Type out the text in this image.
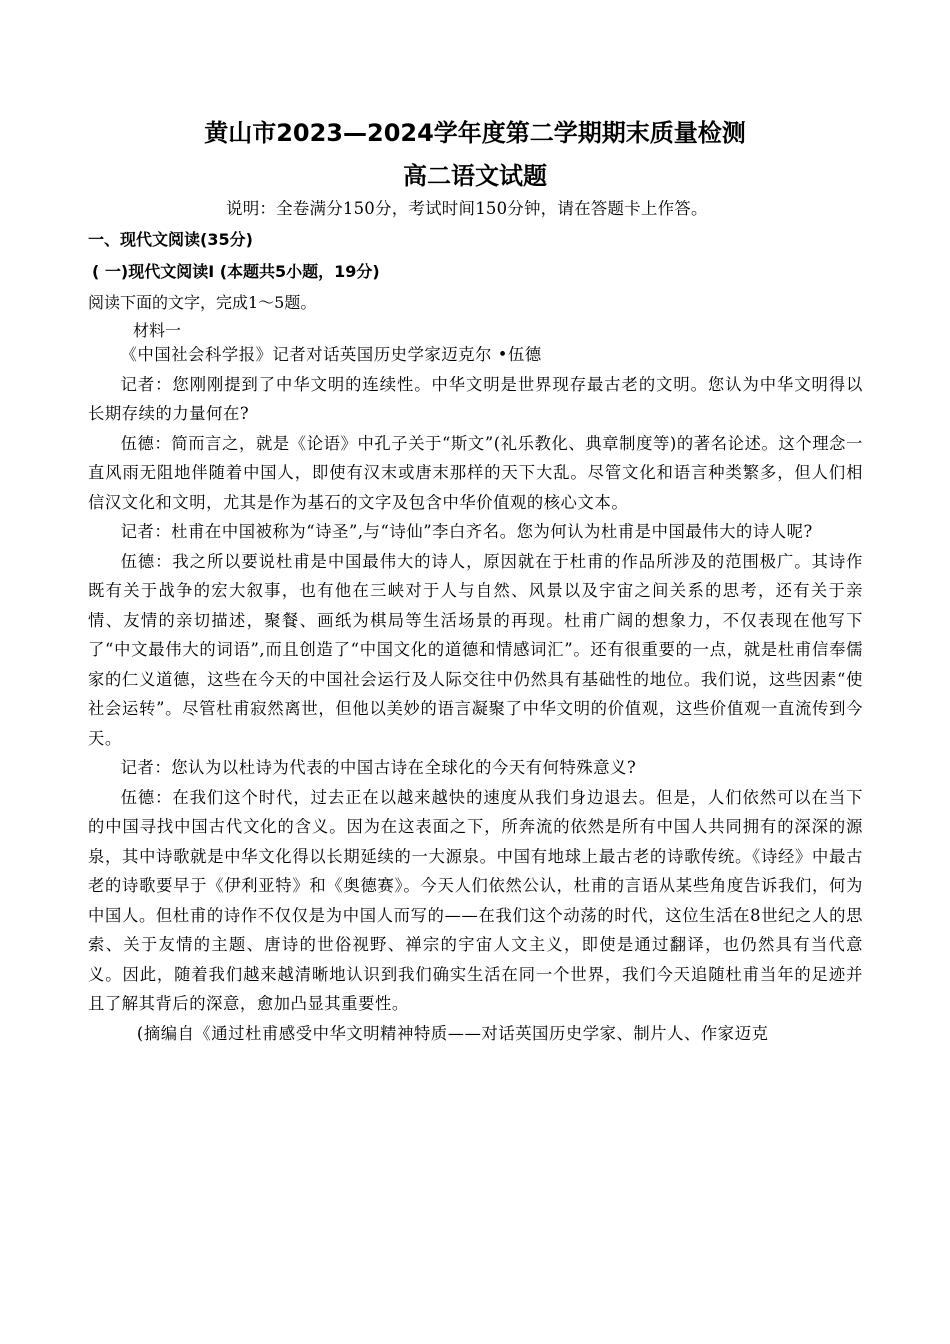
黄山市2023—2024学年度第二学期期末质量检测
高二语文试题
说明：全卷满分150分，考试时间150分钟，请在答题卡上作答。
一、现代文阅读(35分)
( 一)现代文阅读Ⅰ (本题共5小题，19分)
阅读下面的文字，完成1～5题。
材料一

《中国社会科学报》记者对话英国历史学家迈克尔 •伍德

记者：您刚刚提到了中华文明的连续性。中华文明是世界现存最古老的文明。您认为中华文明得以长期存续的力量何在?

伍德：简而言之，就是《论语》中孔子关于“斯文”(礼乐教化、典章制度等)的著名论述。这个理念一直风雨无阻地伴随着中国人，即使有汉末或唐末那样的天下大乱。尽管文化和语言种类繁多，但人们相信汉文化和文明，尤其是作为基石的文字及包含中华价值观的核心文本。

记者：杜甫在中国被称为“诗圣”,与“诗仙”李白齐名。您为何认为杜甫是中国最伟大的诗人呢?

伍德：我之所以要说杜甫是中国最伟大的诗人，原因就在于杜甫的作品所涉及的范围极广。其诗作既有关于战争的宏大叙事，也有他在三峡对于人与自然、风景以及宇宙之间关系的思考，还有关于亲情、友情的亲切描述，聚餐、画纸为棋局等生活场景的再现。杜甫广阔的想象力，不仅表现在他写下了“中文最伟大的词语”,而且创造了“中国文化的道德和情感词汇”。还有很重要的一点，就是杜甫信奉儒家的仁义道德，这些在今天的中国社会运行及人际交往中仍然具有基础性的地位。我们说，这些因素“使社会运转”。尽管杜甫寂然离世，但他以美妙的语言凝聚了中华文明的价值观，这些价值观一直流传到今天。

记者：您认为以杜诗为代表的中国古诗在全球化的今天有何特殊意义?

伍德：在我们这个时代，过去正在以越来越快的速度从我们身边退去。但是，人们依然可以在当下的中国寻找中国古代文化的含义。因为在这表面之下，所奔流的依然是所有中国人共同拥有的深深的源泉，其中诗歌就是中华文化得以长期延续的一大源泉。中国有地球上最古老的诗歌传统。《诗经》中最古老的诗歌要早于《伊利亚特》和《奥德赛》。今天人们依然公认，杜甫的言语从某些角度告诉我们，何为中国人。但杜甫的诗作不仅仅是为中国人而写的——在我们这个动荡的时代，这位生活在8世纪之人的思索、关于友情的主题、唐诗的世俗视野、禅宗的宇宙人文主义，即使是通过翻译，也仍然具有当代意义。因此，随着我们越来越清晰地认识到我们确实生活在同一个世界，我们今天追随杜甫当年的足迹并且了解其背后的深意，愈加凸显其重要性。

(摘编自《通过杜甫感受中华文明精神特质——对话英国历史学家、制片人、作家迈克
